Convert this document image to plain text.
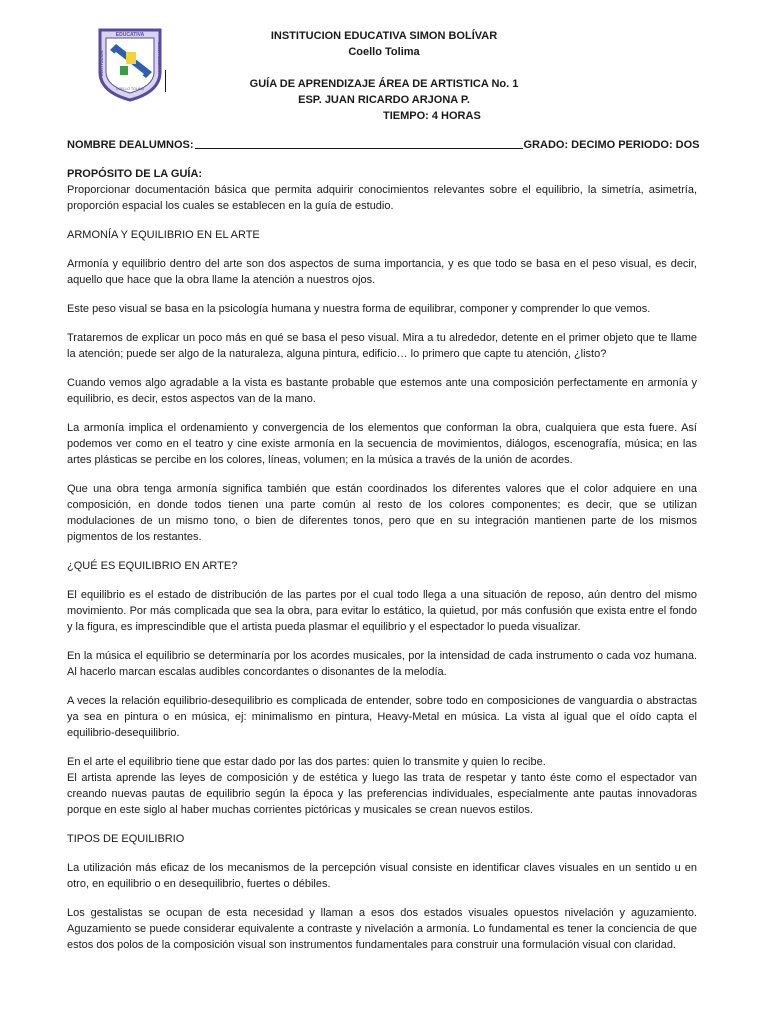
EDUCATIVA
INSTITUCION	SIMON BOLIVAR
COELLO TOLIMA
INSTITUCION EDUCATIVA SIMON BOLÍVAR
Coello Tolima
GUÍA DE APRENDIZAJE ÁREA DE ARTISTICA No. 1
ESP. JUAN RICARDO ARJONA P.
TIEMPO: 4 HORAS
NOMBRE DEALUMNOS:	GRADO: DECIMO PERIODO: DOS
PROPÓSITO DE LA GUÍA:

Proporcionar documentación básica que permita adquirir conocimientos relevantes sobre el equilibrio, la simetría, asimetría, proporción espacial los cuales se establecen en la guía de estudio.

ARMONÍA Y EQUILIBRIO EN EL ARTE

Armonía y equilibrio dentro del arte son dos aspectos de suma importancia, y es que todo se basa en el peso visual, es decir, aquello que hace que la obra llame la atención a nuestros ojos.

Este peso visual se basa en la psicología humana y nuestra forma de equilibrar, componer y comprender lo que vemos.

Trataremos de explicar un poco más en qué se basa el peso visual. Mira a tu alrededor, detente en el primer objeto que te llame la atención; puede ser algo de la naturaleza, alguna pintura, edificio… lo primero que capte tu atención, ¿listo?

Cuando vemos algo agradable a la vista es bastante probable que estemos ante una composición perfectamente en armonía y equilibrio, es decir, estos aspectos van de la mano.

La armonía implica el ordenamiento y convergencia de los elementos que conforman la obra, cualquiera que esta fuere. Así podemos ver como en el teatro y cine existe armonía en la secuencia de movimientos, diálogos, escenografía, música; en las artes plásticas se percibe en los colores, líneas, volumen; en la música a través de la unión de acordes.

Que una obra tenga armonía significa también que están coordinados los diferentes valores que el color adquiere en una composición, en donde todos tienen una parte común al resto de los colores componentes; es decir, que se utilizan modulaciones de un mismo tono, o bien de diferentes tonos, pero que en su integración mantienen parte de los mismos pigmentos de los restantes.

¿QUÉ ES EQUILIBRIO EN ARTE?

El equilibrio es el estado de distribución de las partes por el cual todo llega a una situación de reposo, aún dentro del mismo movimiento. Por más complicada que sea la obra, para evitar lo estático, la quietud, por más confusión que exista entre el fondo y la figura, es imprescindible que el artista pueda plasmar el equilibrio y el espectador lo pueda visualizar.

En la música el equilibrio se determinaría por los acordes musicales, por la intensidad de cada instrumento o cada voz humana. Al hacerlo marcan escalas audibles concordantes o disonantes de la melodía.

A veces la relación equilibrio-desequilibrio es complicada de entender, sobre todo en composiciones de vanguardia o abstractas ya sea en pintura o en música, ej: minimalismo en pintura, Heavy-Metal en música. La vista al igual que el oído capta el equilibrio-desequilibrio.

En el arte el equilibrio tiene que estar dado por las dos partes: quien lo transmite y quien lo recibe.

El artista aprende las leyes de composición y de estética y luego las trata de respetar y tanto éste como el espectador van creando nuevas pautas de equilibrio según la época y las preferencias individuales, especialmente ante pautas innovadoras porque en este siglo al haber muchas corrientes pictóricas y musicales se crean nuevos estilos.

TIPOS DE EQUILIBRIO

La utilización más eficaz de los mecanismos de la percepción visual consiste en identificar claves visuales en un sentido u en otro, en equilibrio o en desequilibrio, fuertes o débiles.

Los gestalistas se ocupan de esta necesidad y llaman a esos dos estados visuales opuestos nivelación y aguzamiento. Aguzamiento se puede considerar equivalente a contraste y nivelación a armonía. Lo fundamental es tener la conciencia de que estos dos polos de la composición visual son instrumentos fundamentales para construir una formulación visual con claridad.
